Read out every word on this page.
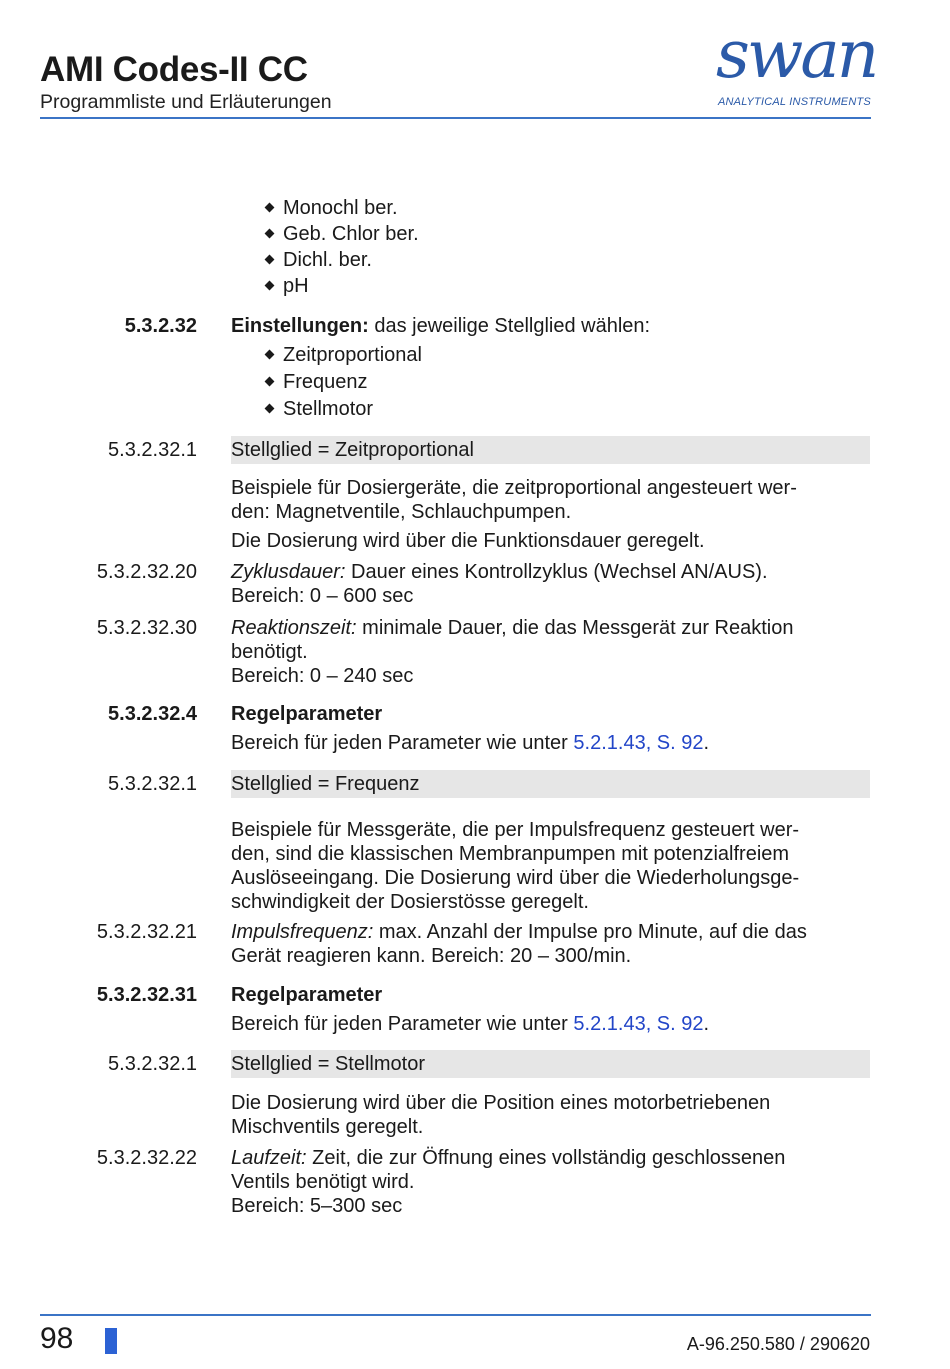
AMI Codes-II CC
Programmliste und Erläuterungen
swan
ANALYTICAL INSTRUMENTS
Monochl ber.
Geb. Chlor ber.
Dichl. ber.
pH
5.3.2.32 Einstellungen: das jeweilige Stellglied wählen:
Zeitproportional
Frequenz
Stellmotor
5.3.2.32.1 Stellglied = Zeitproportional

Beispiele für Dosiergeräte, die zeitproportional angesteuert wer-

den: Magnetventile, Schlauchpumpen.

Die Dosierung wird über die Funktionsdauer geregelt.
5.3.2.32.20 Zyklusdauer: Dauer eines Kontrollzyklus (Wechsel AN/AUS).

Bereich: 0 – 600 sec

5.3.2.32.30 Reaktionszeit: minimale Dauer, die das Messgerät zur Reaktion

benötigt.

Bereich: 0 – 240 sec

5.3.2.32.4 Regelparameter

Bereich für jeden Parameter wie unter 5.2.1.43, S. 92.

5.3.2.32.1 Stellglied = Frequenz

Beispiele für Messgeräte, die per Impulsfrequenz gesteuert wer-

den, sind die klassischen Membranpumpen mit potenzialfreiem

Auslöseeingang. Die Dosierung wird über die Wiederholungsge-

schwindigkeit der Dosierstösse geregelt.

5.3.2.32.21 Impulsfrequenz: max. Anzahl der Impulse pro Minute, auf die das

Gerät reagieren kann. Bereich: 20 – 300/min.

5.3.2.32.31 Regelparameter

Bereich für jeden Parameter wie unter 5.2.1.43, S. 92.

5.3.2.32.1 Stellglied = Stellmotor

Die Dosierung wird über die Position eines motorbetriebenen

Mischventils geregelt.

5.3.2.32.22 Laufzeit: Zeit, die zur Öffnung eines vollständig geschlossenen

Ventils benötigt wird.

Bereich: 5–300 sec

98	A-96.250.580 / 290620
